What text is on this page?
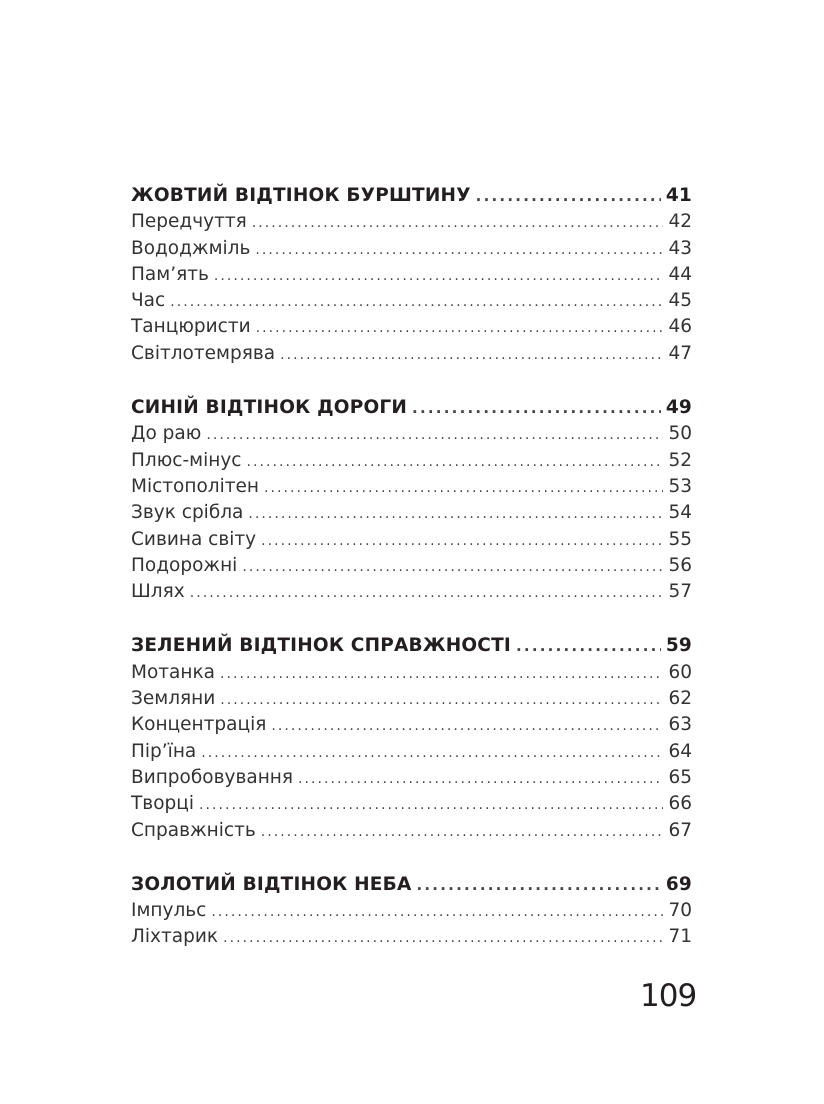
ЖОВТИЙ ВІДТІНОК БУРШТИНУ . . .	41
Передчуття . . .	42
Вододжміль . . .	43
Пам’ять . . .	44
Час . . .	45
Танцюристи . . .	46
Світлотемрява . . .	47
СИНІЙ ВІДТІНОК ДОРОГИ . . .	49
До раю . . .	50
Плюс-мінус . . .	52
Містополітен . . .	53
Звук срібла . . .	54
Сивина світу . . .	55
Подорожні . . .	56
Шлях . . .	57
ЗЕЛЕНИЙ ВІДТІНОК СПРАВЖНОСТІ . . .	59
Мотанка . . .	60
Земляни . . .	62
Концентрація . . .	63
Пір’їна . . .	64
Випробовування . . .	65
Творці . . .	66
Справжність . . .	67
ЗОЛОТИЙ ВІДТІНОК НЕБА . . .	69
Імпульс . . .	70
Ліхтарик . . .	71
109
